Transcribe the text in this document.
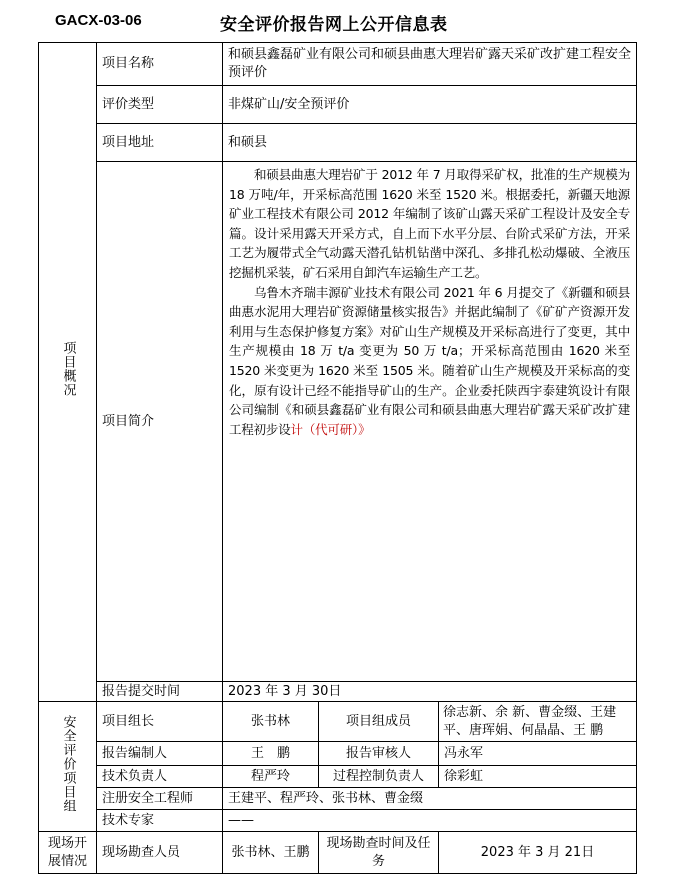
GACX-03-06	安全评价报告网上公开信息表
项目概况	项目名称	和硕县鑫磊矿业有限公司和硕县曲惠大理岩矿露天采矿改扩建工程安全预评价		
	评价类型	非煤矿山/安全预评价		
	项目地址	和硕县		
	项目简介	和硕县曲惠大理岩矿于 2012 年 7 月取得采矿权，批准的生产规模为 18 万吨/年，开采标高范围 1620 米至 1520 米。根据委托，新疆天地源矿业工程技术有限公司 2012 年编制了该矿山露天采矿工程设计及安全专篇。设计采用露天开采方式，自上而下水平分层、台阶式采矿方法，开采工艺为履带式全气动露天潜孔钻机钻凿中深孔、多排孔松动爆破、全液压挖掘机采装，矿石采用自卸汽车运输生产工艺。

乌鲁木齐瑞丰源矿业技术有限公司 2021 年 6 月提交了《新疆和硕县曲惠水泥用大理岩矿资源储量核实报告》并据此编制了《矿矿产资源开发利用与生态保护修复方案》对矿山生产规模及开采标高进行了变更，其中生产规模由 18 万 t/a 变更为 50 万 t/a；开采标高范围由 1620 米至 1520 米变更为 1620 米至 1505 米。随着矿山生产规模及开采标高的变化，原有设计已经不能指导矿山的生产。企业委托陕西宇泰建筑设计有限公司编制《和硕县鑫磊矿业有限公司和硕县曲惠大理岩矿露天采矿改扩建工程初步设计（代可研）》		

	报告提交时间	2023 年 3 月 30日		

安全评价项目组	项目组长	张书林	项目组成员	徐志新、余 新、曹金缀、王建平、唐珲娟、何晶晶、王 鹏
	报告编制人	王　鹏	报告审核人	冯永军
	技术负责人	程严玲	过程控制负责人	徐彩虹
	注册安全工程师	王建平、程严玲、张书林、曹金缀		
	技术专家	——		
现场开展情况	现场勘查人员	张书林、王鹏	现场勘查时间及任务	2023 年 3 月 21日
